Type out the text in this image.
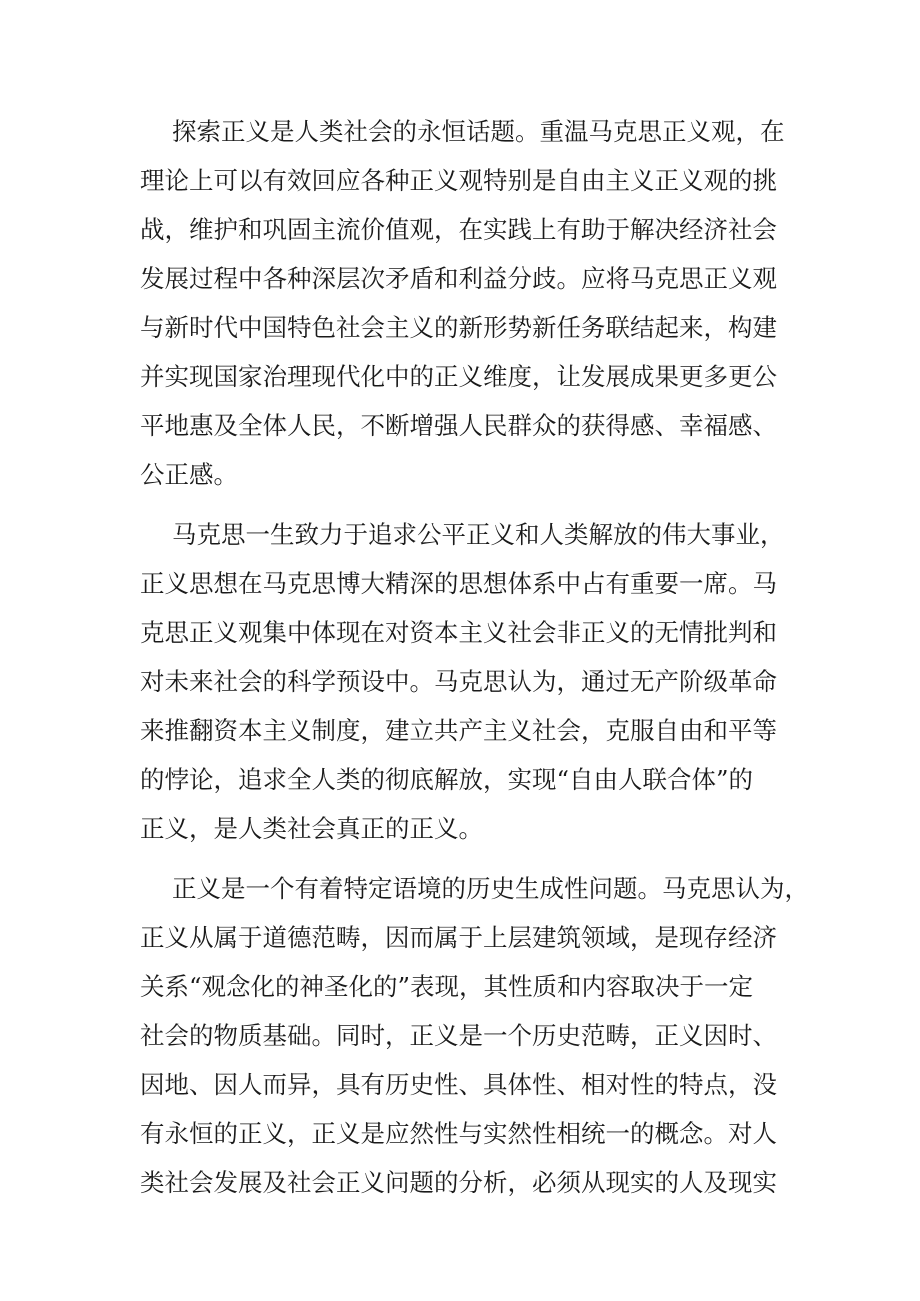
探索正义是人类社会的永恒话题。重温马克思正义观，在

理论上可以有效回应各种正义观特别是自由主义正义观的挑

战，维护和巩固主流价值观，在实践上有助于解决经济社会

发展过程中各种深层次矛盾和利益分歧。应将马克思正义观

与新时代中国特色社会主义的新形势新任务联结起来，构建

并实现国家治理现代化中的正义维度，让发展成果更多更公

平地惠及全体人民，不断增强人民群众的获得感、幸福感、

公正感。

马克思一生致力于追求公平正义和人类解放的伟大事业，

正义思想在马克思博大精深的思想体系中占有重要一席。马

克思正义观集中体现在对资本主义社会非正义的无情批判和

对未来社会的科学预设中。马克思认为，通过无产阶级革命

来推翻资本主义制度，建立共产主义社会，克服自由和平等

的悖论，追求全人类的彻底解放，实现“自由人联合体”的

正义，是人类社会真正的正义。

正义是一个有着特定语境的历史生成性问题。马克思认为，

正义从属于道德范畴，因而属于上层建筑领域，是现存经济

关系“观念化的神圣化的”表现，其性质和内容取决于一定

社会的物质基础。同时，正义是一个历史范畴，正义因时、

因地、因人而异，具有历史性、具体性、相对性的特点，没

有永恒的正义，正义是应然性与实然性相统一的概念。对人

类社会发展及社会正义问题的分析，必须从现实的人及现实
